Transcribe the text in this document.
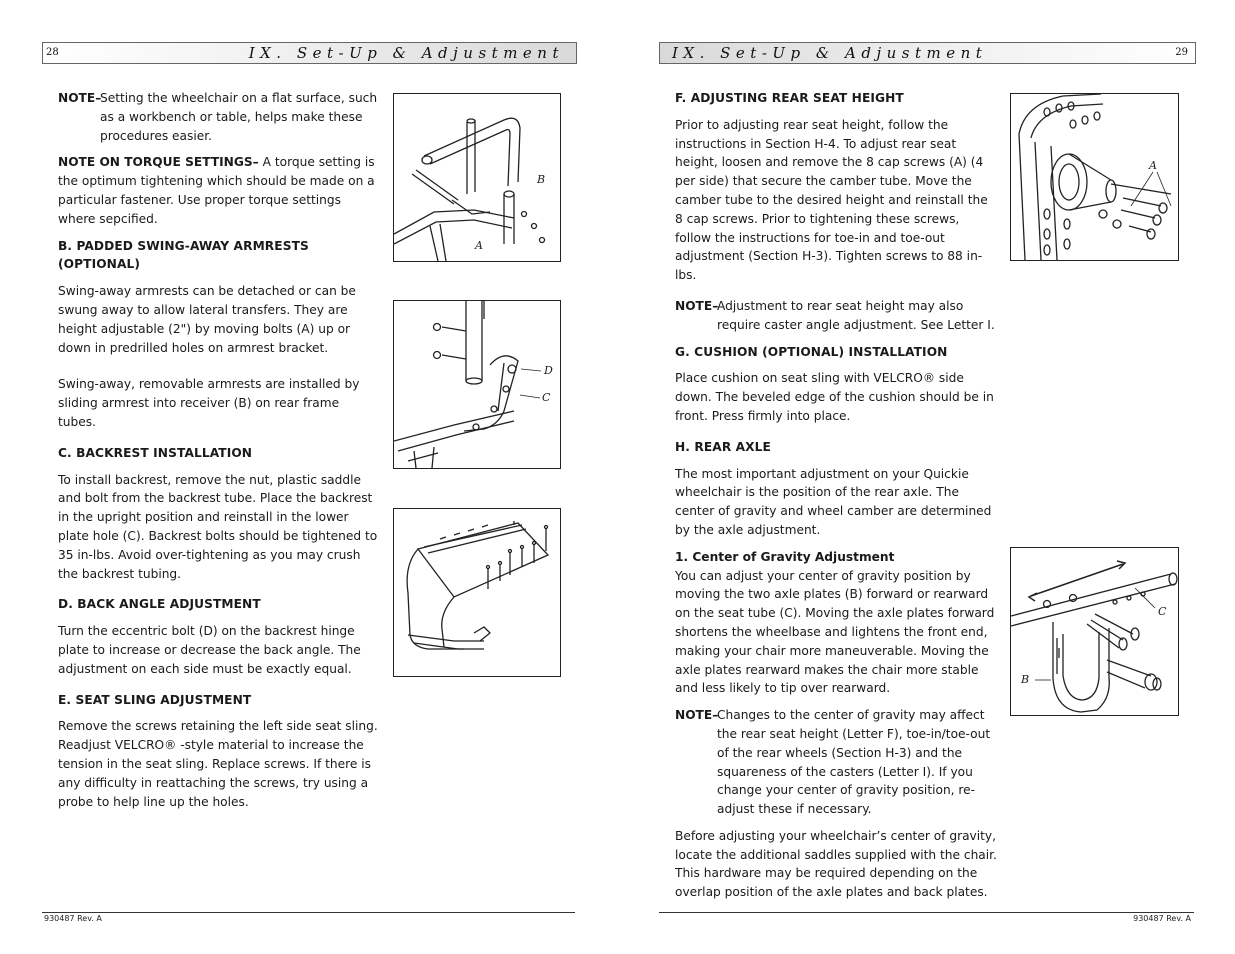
IX. Set-Up & Adjustment
28
NOTE–
Setting the wheelchair on a flat surface, such as a workbench or table, helps make these procedures easier.

NOTE ON TORQUE SETTINGS– A torque setting is the optimum tightening which should be made on a particular fastener. Use proper torque settings where sepcified.

B. PADDED SWING-AWAY ARMRESTS (OPTIONAL)

Swing-away armrests can be detached or can be swung away to allow lateral transfers. They are height adjustable (2") by moving bolts (A) up or down in predrilled holes on armrest bracket.

Swing-away, removable armrests are installed by sliding armrest into receiver (B) on rear frame tubes.

C. BACKREST INSTALLATION

To install backrest, remove the nut, plastic saddle and bolt from the backrest tube. Place the backrest in the upright position and reinstall in the lower plate hole (C). Backrest bolts should be tightened to 35 in-lbs. Avoid over-tightening as you may crush the backrest tubing.

D. BACK ANGLE ADJUSTMENT

Turn the eccentric bolt (D) on the backrest hinge plate to increase or decrease the back angle. The adjustment on each side must be exactly equal.

E. SEAT SLING ADJUSTMENT

Remove the screws retaining the left side seat sling. Readjust VELCRO® -style material to increase the tension in the seat sling. Replace screws. If there is any difficulty in reattaching the screws, try using a probe to help line up the holes.

B
A
D
C
930487 Rev. A
IX. Set-Up & Adjustment	29
F. ADJUSTING REAR SEAT HEIGHT

Prior to adjusting rear seat height, follow the instructions in Section H-4. To adjust rear seat height, loosen and remove the 8 cap screws (A) (4 per side) that secure the camber tube. Move the camber tube to the desired height and reinstall the 8 cap screws. Prior to tightening these screws, follow the instructions for toe-in and toe-out adjustment (Section H-3). Tighten screws to 88 in-lbs.

NOTE–
Adjustment to rear seat height may also require caster angle adjustment. See Letter I.
G. CUSHION (OPTIONAL) INSTALLATION

Place cushion on seat sling with VELCRO® side down. The beveled edge of the cushion should be in front. Press firmly into place.

H. REAR AXLE

The most important adjustment on your Quickie wheelchair is the position of the rear axle. The center of gravity and wheel camber are determined by the axle adjustment.

1. Center of Gravity Adjustment

You can adjust your center of gravity position by moving the two axle plates (B) forward or rearward on the seat tube (C). Moving the axle plates forward shortens the wheelbase and lightens the front end, making your chair more maneuverable. Moving the axle plates rearward makes the chair more stable and less likely to tip over rearward.

NOTE–
Changes to the center of gravity may affect the rear seat height (Letter F), toe-in/toe-out of the rear wheels (Section H-3) and the squareness of the casters (Letter I). If you change your center of gravity position, re-adjust these if necessary.

Before adjusting your wheelchair’s center of gravity, locate the additional saddles supplied with the chair. This hardware may be required depending on the overlap position of the axle plates and back plates.

A
C
B
930487 Rev. A
